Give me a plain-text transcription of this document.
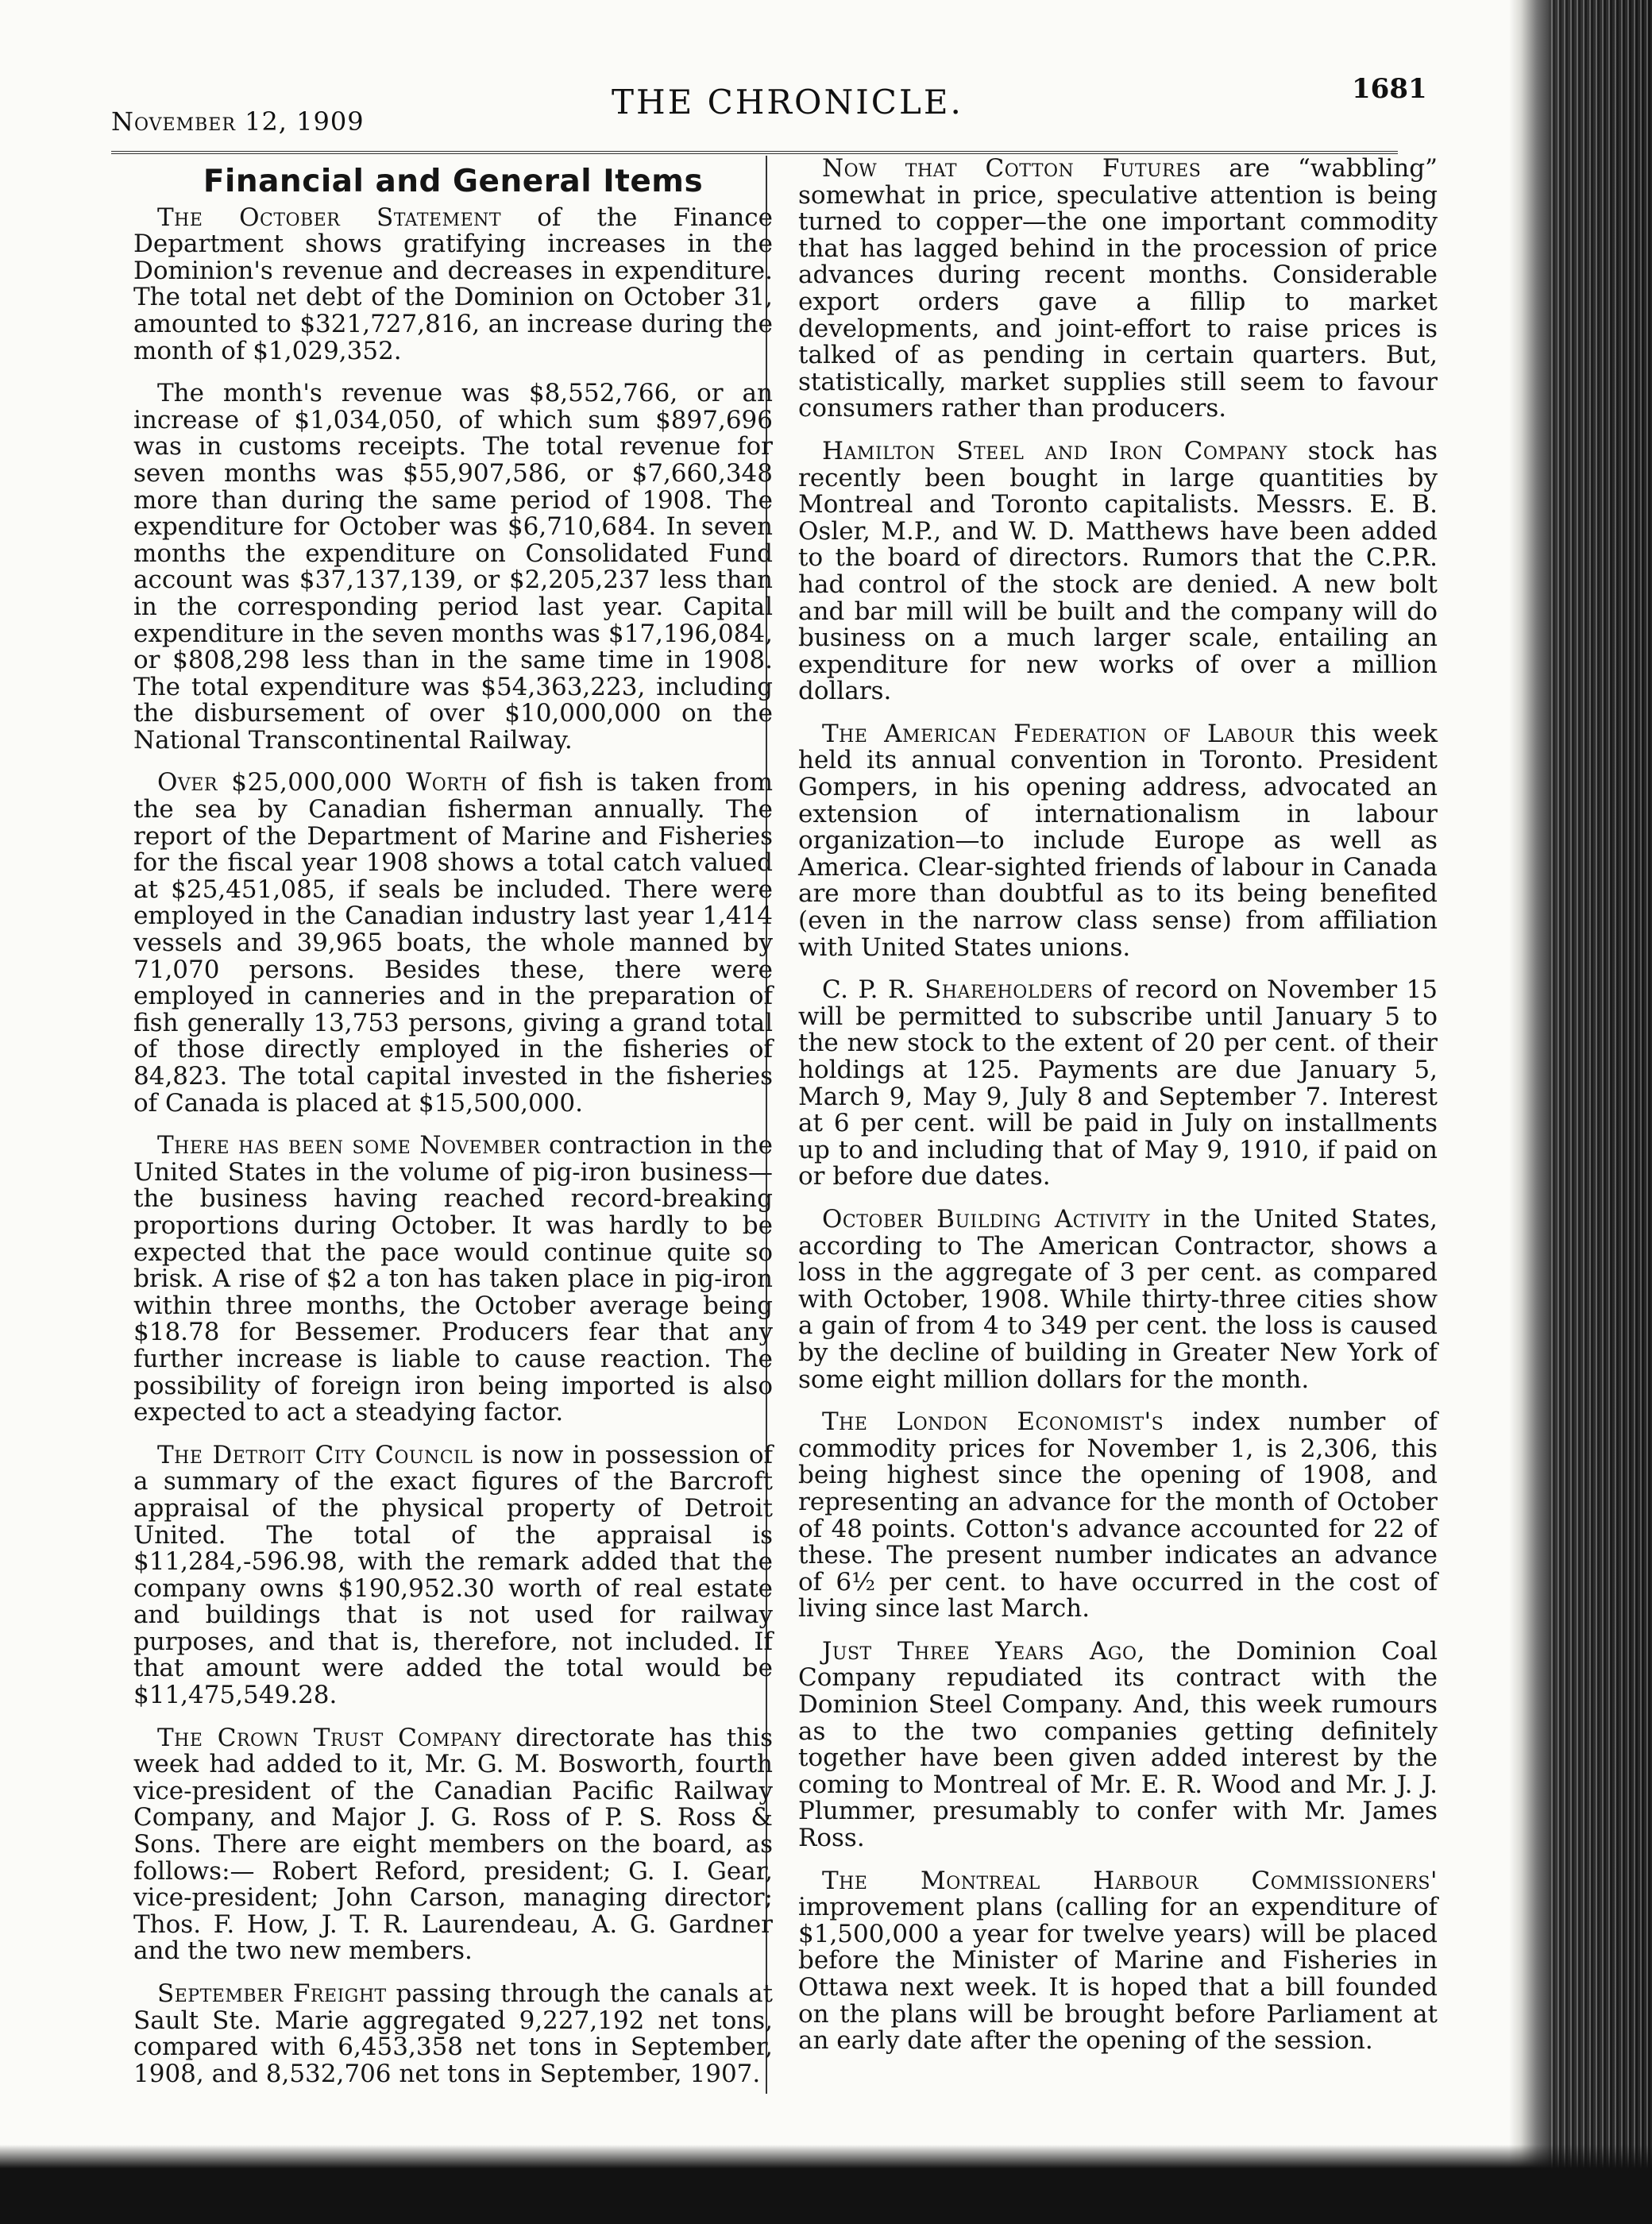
November 12, 1909	THE CHRONICLE.	1681
Financial and General Items

The October Statement of the Finance Department shows gratifying increases in the Dominion's revenue and decreases in expenditure. The total net debt of the Dominion on October 31, amounted to $321,727,816, an increase during the month of $1,029,352.

The month's revenue was $8,552,766, or an increase of $1,034,050, of which sum $897,696 was in customs receipts. The total revenue for seven months was $55,907,586, or $7,660,348 more than during the same period of 1908. The expenditure for October was $6,710,684. In seven months the expenditure on Consolidated Fund account was $37,137,139, or $2,205,237 less than in the corresponding period last year. Capital expenditure in the seven months was $17,196,084, or $808,298 less than in the same time in 1908. The total expenditure was $54,363,223, including the disbursement of over $10,000,000 on the National Transcontinental Railway.

Over $25,000,000 Worth of fish is taken from the sea by Canadian fisherman annually. The report of the Department of Marine and Fisheries for the fiscal year 1908 shows a total catch valued at $25,451,085, if seals be included. There were employed in the Canadian industry last year 1,414 vessels and 39,965 boats, the whole manned by 71,070 persons. Besides these, there were employed in canneries and in the preparation of fish generally 13,753 persons, giving a grand total of those directly employed in the fisheries of 84,823. The total capital invested in the fisheries of Canada is placed at $15,500,000.

There has been some November contraction in the United States in the volume of pig-iron business—the business having reached record-breaking proportions during October. It was hardly to be expected that the pace would continue quite so brisk. A rise of $2 a ton has taken place in pig-iron within three months, the October average being $18.78 for Bessemer. Producers fear that any further increase is liable to cause reaction. The possibility of foreign iron being imported is also expected to act a steadying factor.

The Detroit City Council is now in possession of a summary of the exact figures of the Barcroft appraisal of the physical property of Detroit United. The total of the appraisal is $11,284,-596.98, with the remark added that the company owns $190,952.30 worth of real estate and buildings that is not used for railway purposes, and that is, therefore, not included. If that amount were added the total would be $11,475,549.28.

The Crown Trust Company directorate has this week had added to it, Mr. G. M. Bosworth, fourth vice-president of the Canadian Pacific Railway Company, and Major J. G. Ross of P. S. Ross & Sons. There are eight members on the board, as follows:— Robert Reford, president; G. I. Gear, vice-president; John Carson, managing director; Thos. F. How, J. T. R. Laurendeau, A. G. Gardner and the two new members.

September Freight passing through the canals at Sault Ste. Marie aggregated 9,227,192 net tons, compared with 6,453,358 net tons in September, 1908, and 8,532,706 net tons in September, 1907.

Now that Cotton Futures are “wabbling” somewhat in price, speculative attention is being turned to copper—the one important commodity that has lagged behind in the procession of price advances during recent months. Considerable export orders gave a fillip to market developments, and joint-effort to raise prices is talked of as pending in certain quarters. But, statistically, market supplies still seem to favour consumers rather than producers.

Hamilton Steel and Iron Company stock has recently been bought in large quantities by Montreal and Toronto capitalists. Messrs. E. B. Osler, M.P., and W. D. Matthews have been added to the board of directors. Rumors that the C.P.R. had control of the stock are denied. A new bolt and bar mill will be built and the company will do business on a much larger scale, entailing an expenditure for new works of over a million dollars.

The American Federation of Labour this week held its annual convention in Toronto. President Gompers, in his opening address, advocated an extension of internationalism in labour organization—to include Europe as well as America. Clear-sighted friends of labour in Canada are more than doubtful as to its being benefited (even in the narrow class sense) from affiliation with United States unions.

C. P. R. Shareholders of record on November 15 will be permitted to subscribe until January 5 to the new stock to the extent of 20 per cent. of their holdings at 125. Payments are due January 5, March 9, May 9, July 8 and September 7. Interest at 6 per cent. will be paid in July on installments up to and including that of May 9, 1910, if paid on or before due dates.

October Building Activity in the United States, according to The American Contractor, shows a loss in the aggregate of 3 per cent. as compared with October, 1908. While thirty-three cities show a gain of from 4 to 349 per cent. the loss is caused by the decline of building in Greater New York of some eight million dollars for the month.

The London Economist's index number of commodity prices for November 1, is 2,306, this being highest since the opening of 1908, and representing an advance for the month of October of 48 points. Cotton's advance accounted for 22 of these. The present number indicates an advance of 6½ per cent. to have occurred in the cost of living since last March.

Just Three Years Ago, the Dominion Coal Company repudiated its contract with the Dominion Steel Company. And, this week rumours as to the two companies getting definitely together have been given added interest by the coming to Montreal of Mr. E. R. Wood and Mr. J. J. Plummer, presumably to confer with Mr. James Ross.

The Montreal Harbour Commissioners' improvement plans (calling for an expenditure of $1,500,000 a year for twelve years) will be placed before the Minister of Marine and Fisheries in Ottawa next week. It is hoped that a bill founded on the plans will be brought before Parliament at an early date after the opening of the session.
